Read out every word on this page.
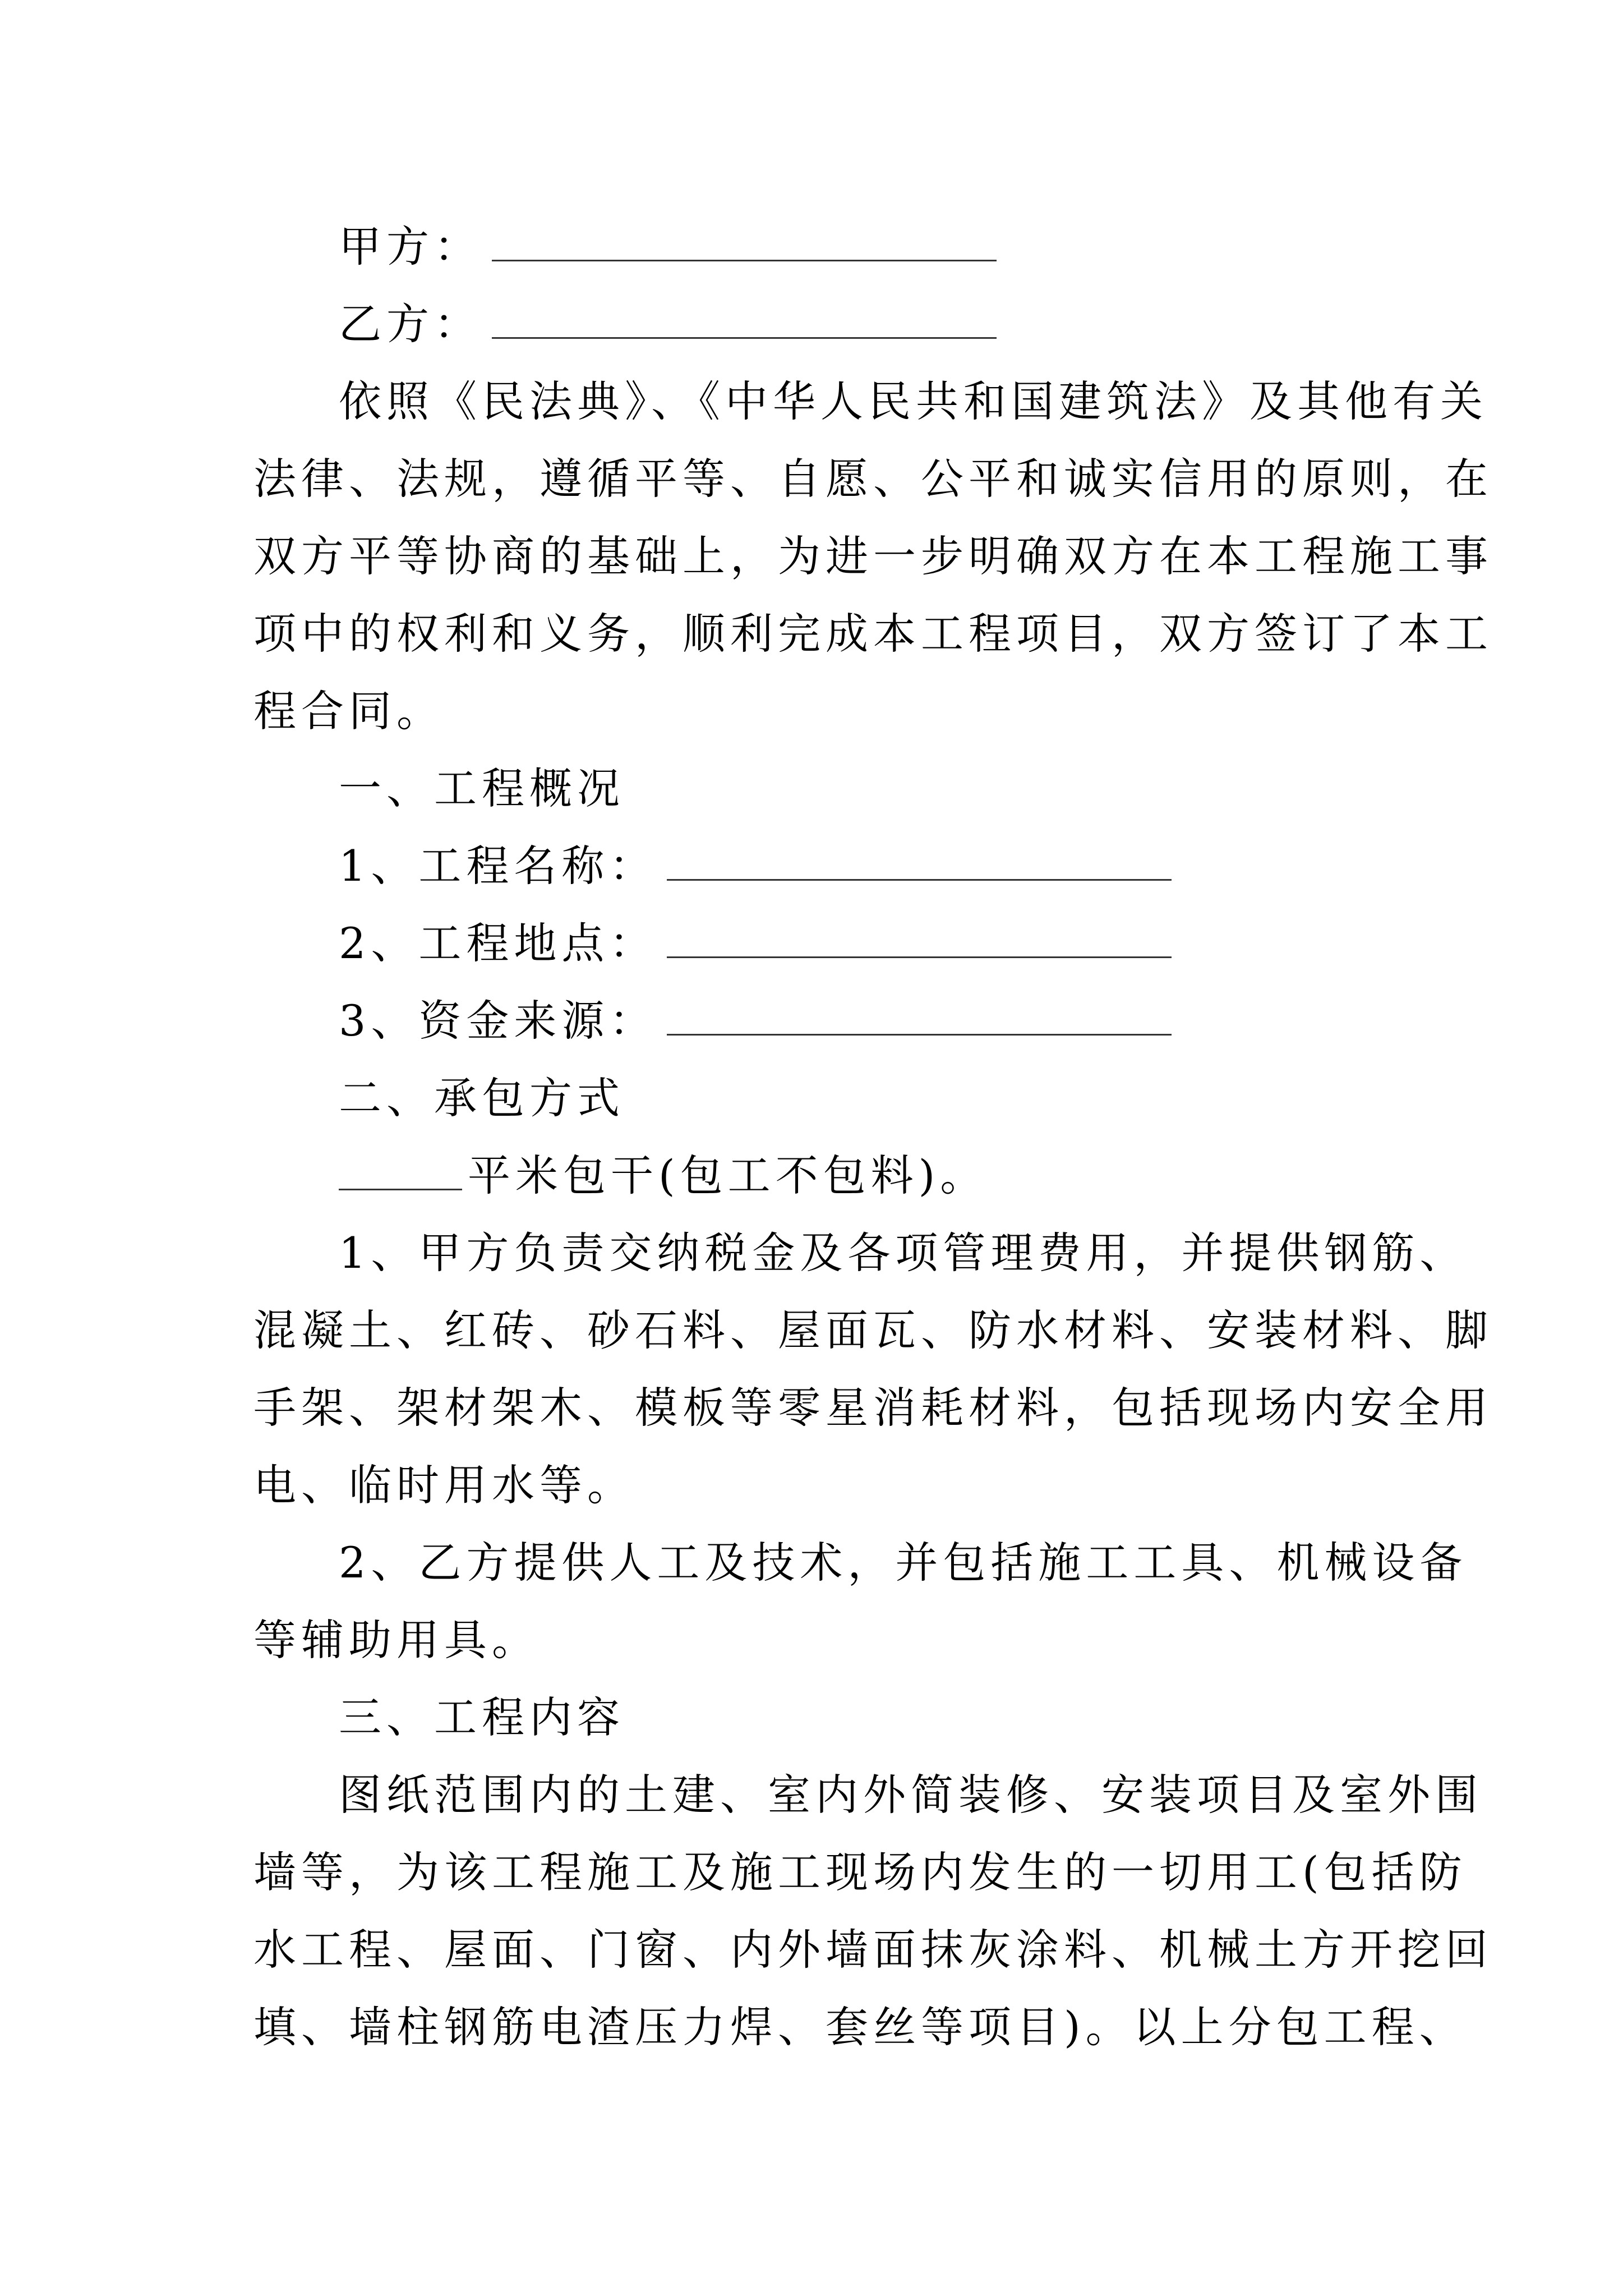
甲方：
乙方：
依照《民法典》、《中华人民共和国建筑法》及其他有关
法律、法规，遵循平等、自愿、公平和诚实信用的原则，在
双方平等协商的基础上，为进一步明确双方在本工程施工事
项中的权利和义务，顺利完成本工程项目，双方签订了本工
程合同。
一、工程概况
1、工程名称：
2、工程地点：
3、资金来源：
二、承包方式
平米包干(包工不包料)。
1、甲方负责交纳税金及各项管理费用，并提供钢筋、
混凝土、红砖、砂石料、屋面瓦、防水材料、安装材料、脚
手架、架材架木、模板等零星消耗材料，包括现场内安全用
电、临时用水等。
2、乙方提供人工及技术，并包括施工工具、机械设备
等辅助用具。
三、工程内容
图纸范围内的土建、室内外简装修、安装项目及室外围
墙等，为该工程施工及施工现场内发生的一切用工(包括防
水工程、屋面、门窗、内外墙面抹灰涂料、机械土方开挖回
填、墙柱钢筋电渣压力焊、套丝等项目)。以上分包工程、
